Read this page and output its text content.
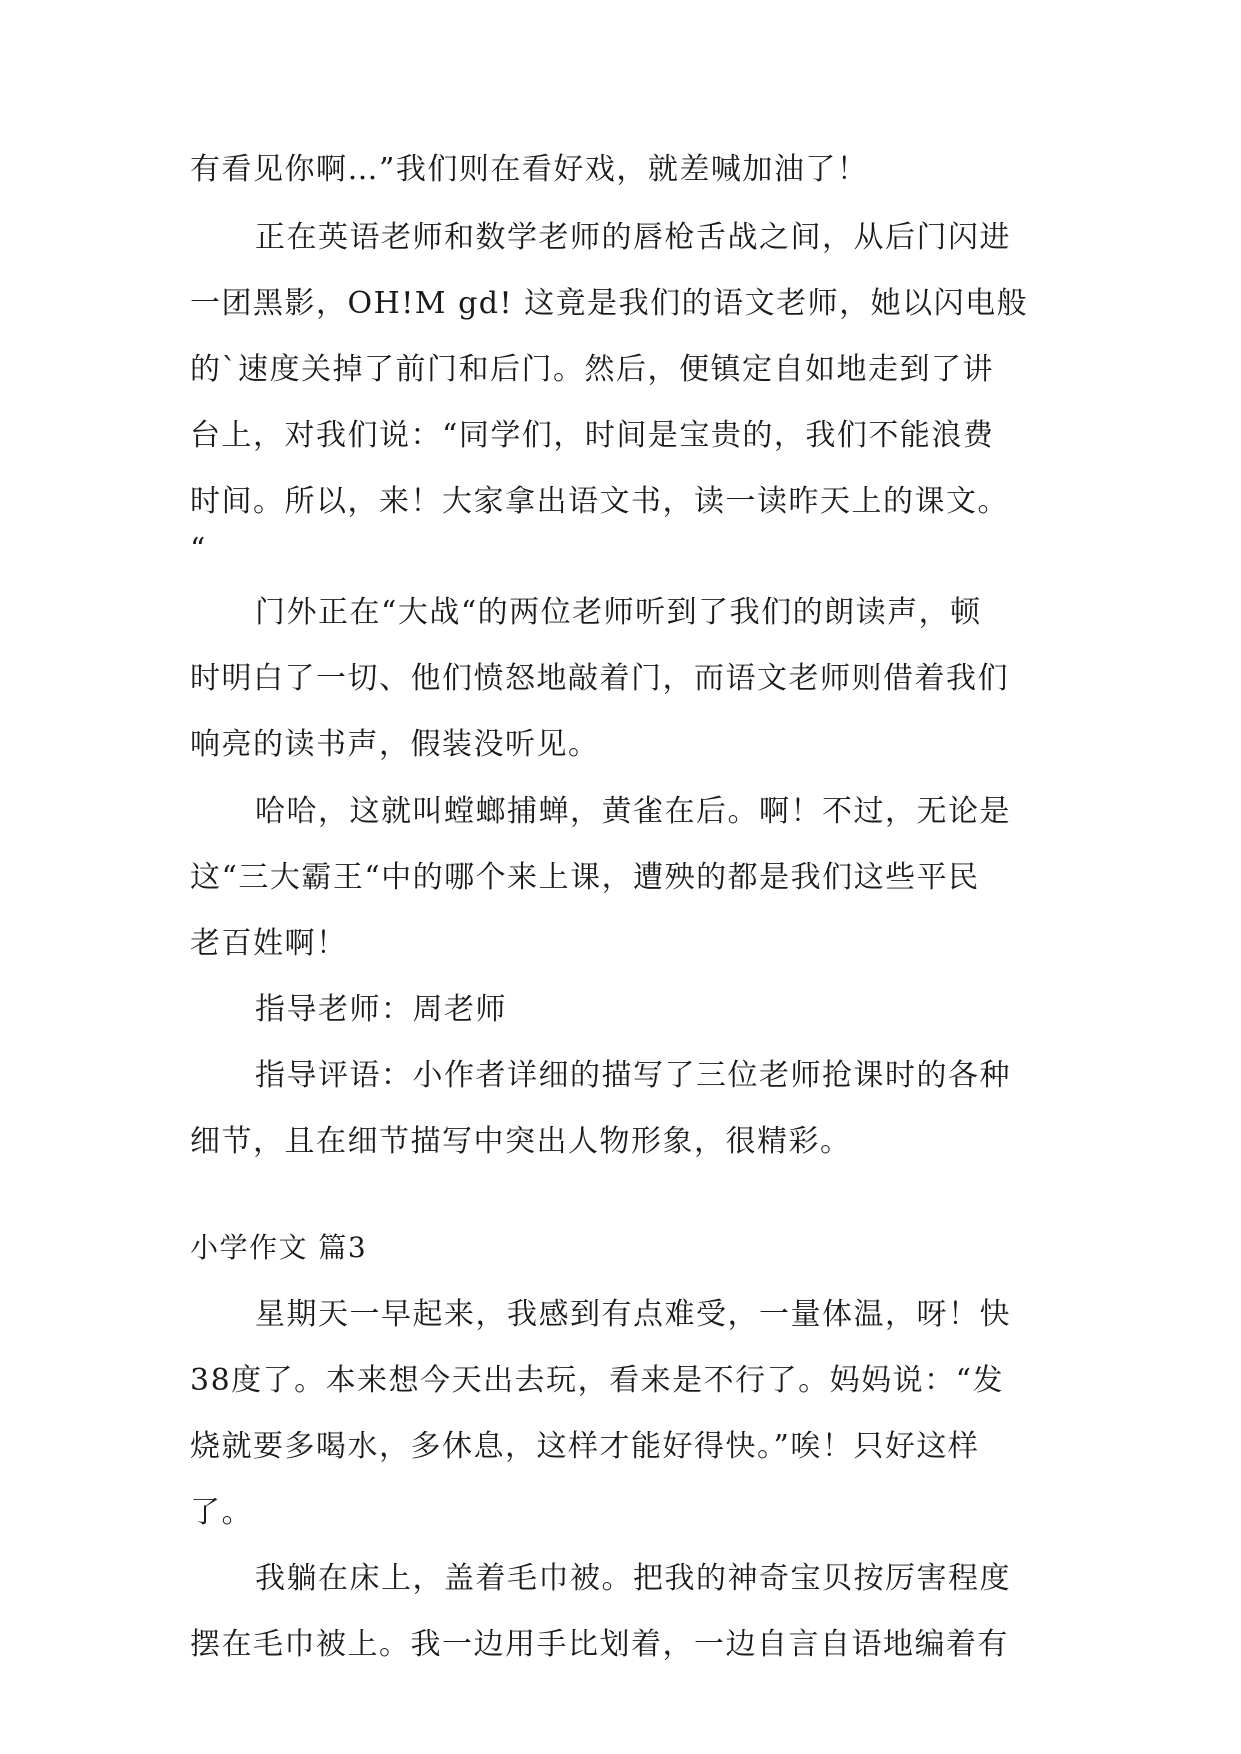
有看见你啊…”我们则在看好戏，就差喊加油了！
正在英语老师和数学老师的唇枪舌战之间，从后门闪进
一团黑影，OH!M gd! 这竟是我们的语文老师，她以闪电般
的`速度关掉了前门和后门。然后，便镇定自如地走到了讲
台上，对我们说：“同学们，时间是宝贵的，我们不能浪费
时间。所以，来！大家拿出语文书，读一读昨天上的课文。
“
门外正在“大战“的两位老师听到了我们的朗读声，顿
时明白了一切、他们愤怒地敲着门，而语文老师则借着我们
响亮的读书声，假装没听见。
哈哈，这就叫螳螂捕蝉，黄雀在后。啊！不过，无论是
这“三大霸王“中的哪个来上课，遭殃的都是我们这些平民
老百姓啊！
指导老师：周老师
指导评语：小作者详细的描写了三位老师抢课时的各种
细节，且在细节描写中突出人物形象，很精彩。
小学作文 篇3
星期天一早起来，我感到有点难受，一量体温，呀！快
38度了。本来想今天出去玩，看来是不行了。妈妈说：“发
烧就要多喝水，多休息，这样才能好得快。”唉！只好这样
了。
我躺在床上，盖着毛巾被。把我的神奇宝贝按厉害程度
摆在毛巾被上。我一边用手比划着，一边自言自语地编着有
